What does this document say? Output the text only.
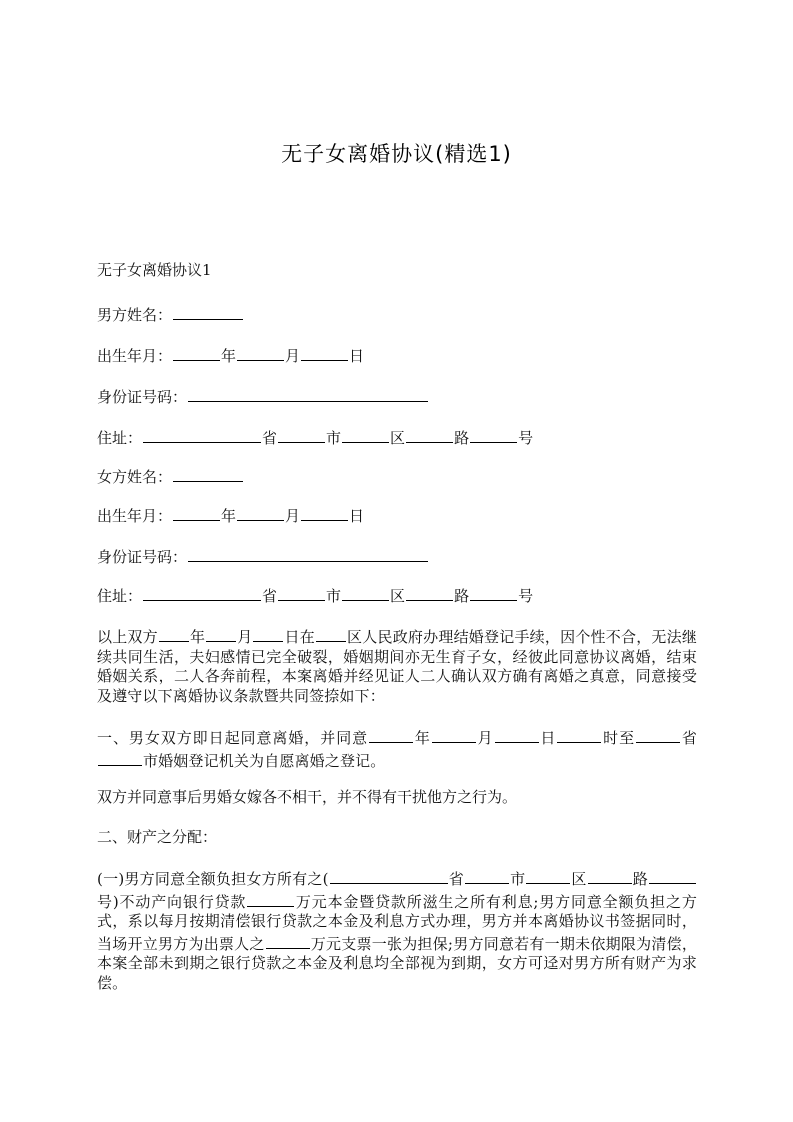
无子女离婚协议(精选1)
无子女离婚协议1
男方姓名：
出生年月：	年	月	日
身份证号码：
住址：	省	市	区	路	号
女方姓名：
出生年月：	年	月	日
身份证号码：
住址：	省	市	区	路	号
以上双方 年 月 日在 区人民政府办理结婚登记手续，因个性不合，无法继续共同生活，夫妇感情已完全破裂，婚姻期间亦无生育子女，经彼此同意协议离婚，结束婚姻关系，二人各奔前程，本案离婚并经见证人二人确认双方确有离婚之真意，同意接受及遵守以下离婚协议条款暨共同签捺如下：
一、男女双方即日起同意离婚，并同意	年	月	日	时至	省市婚姻登记机关为自愿离婚之登记。
双方并同意事后男婚女嫁各不相干，并不得有干扰他方之行为。
二、财产之分配：
(一)男方同意全额负担女方所有之(	省	市	区	路号)不动产向银行贷款	万元本金暨贷款所滋生之所有利息;男方同意全额负担之方式，系以每月按期清偿银行贷款之本金及利息方式办理，男方并本离婚协议书签据同时，当场开立男方为出票人之	万元支票一张为担保;男方同意若有一期未依期限为清偿，本案全部未到期之银行贷款之本金及利息均全部视为到期，女方可迳对男方所有财产为求偿。
